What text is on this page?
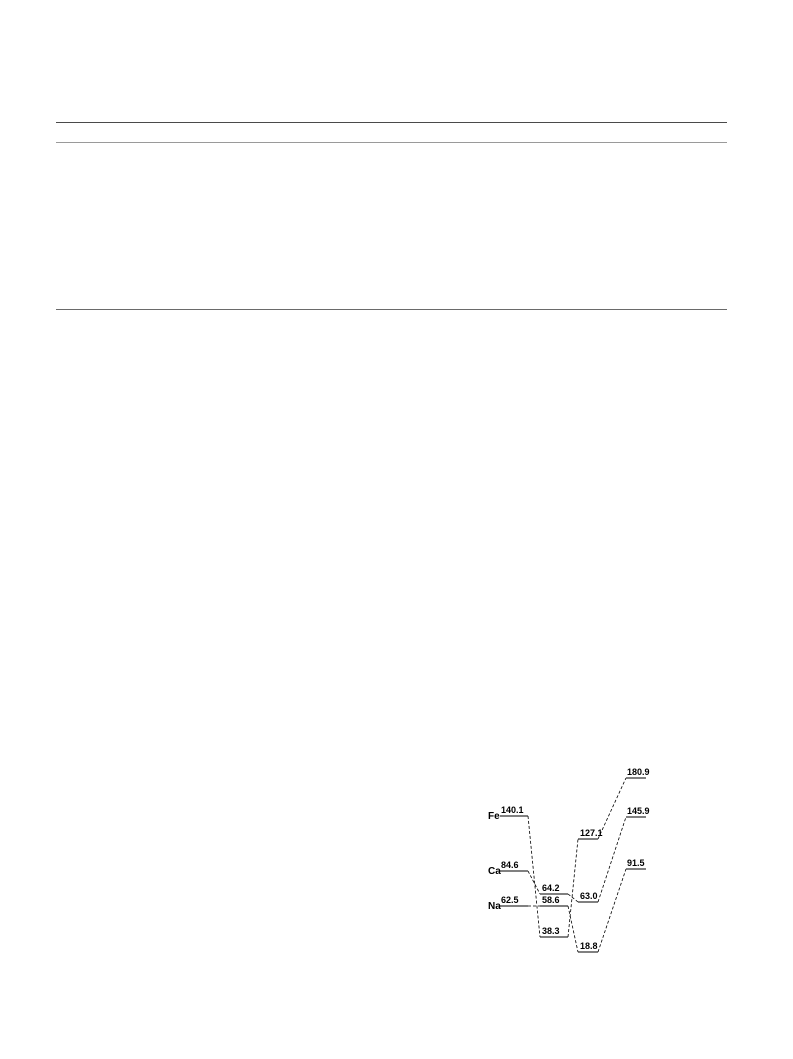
140.1
38.3
127.1
180.9
84.6
64.2
63.0
145.9
62.5	58.6
18.8
91.5
Fe
Ca
Na
